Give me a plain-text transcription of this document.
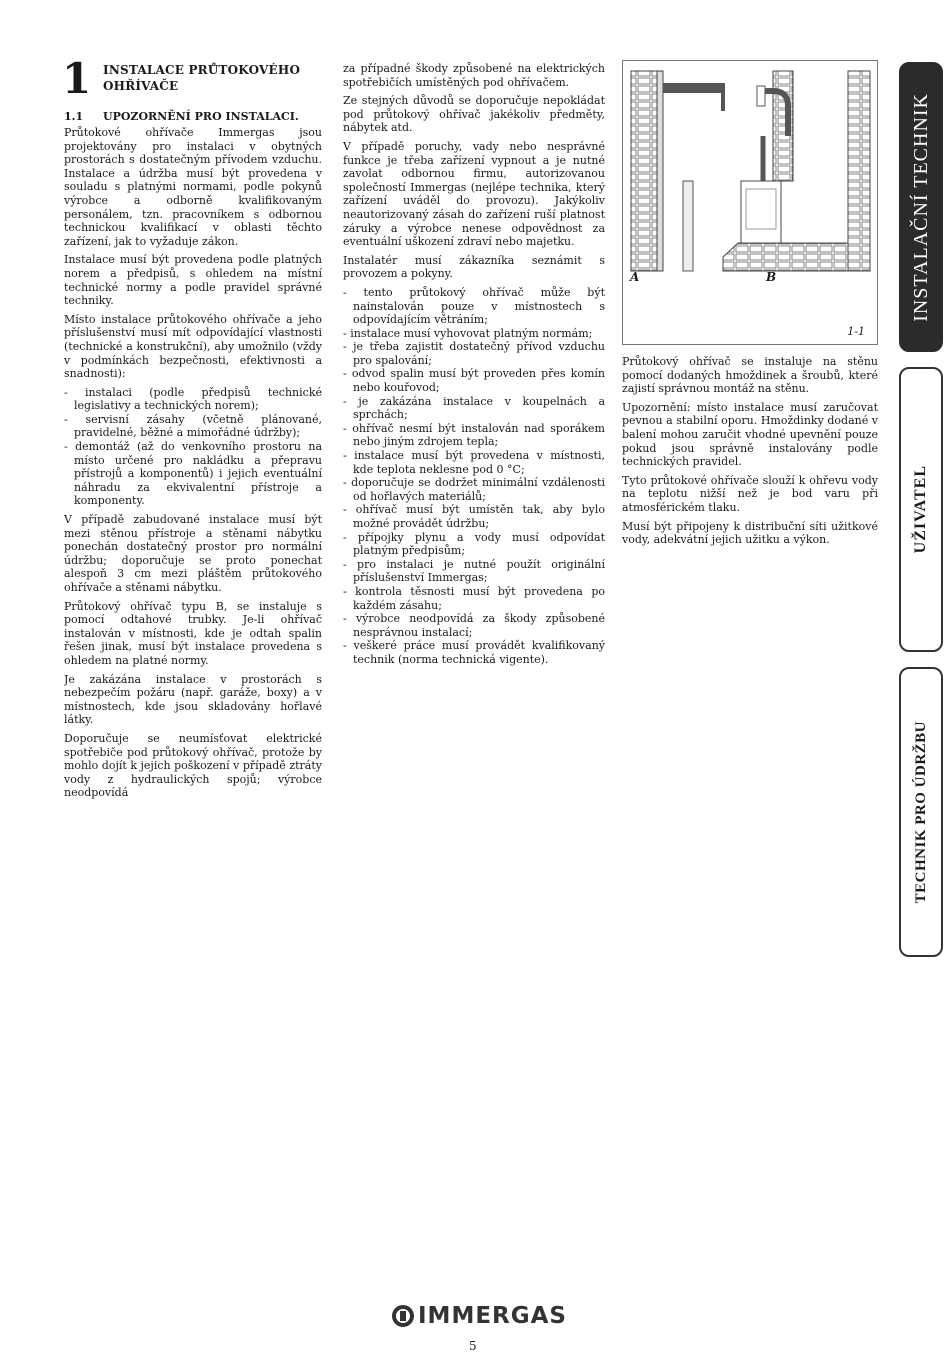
1 INSTALACE PRŮTOKOVÉHO OHŘÍVAČE
1.1 UPOZORNĚNÍ PRO INSTALACI.

Průtokové ohřívače Immergas jsou projektovány pro instalaci v obytných prostorách s dostatečným přívodem vzduchu. Instalace a údržba musí být provedena v souladu s platnými normami, podle pokynů výrobce a odborně kvalifikovaným personálem, tzn. pracovníkem s odbornou technickou kvalifikací v oblasti těchto zařízení, jak to vyžaduje zákon.

Instalace musí být provedena podle platných norem a předpisů, s ohledem na místní technické normy a podle pravidel správné techniky.

Místo instalace průtokového ohřívače a jeho příslušenství musí mít odpovídající vlastnosti (technické a konstrukční), aby umožnilo (vždy v podmínkách bezpečnosti, efektivnosti a snadnosti):

- instalaci (podle předpisů technické legislativy a technických norem);
- servisní zásahy (včetně plánované, pravidelné, běžné a mimořádné údržby);
- demontáž (až do venkovního prostoru na místo určené pro nakládku a přepravu přístrojů a komponentů) i jejich eventuální náhradu za ekvivalentní přístroje a komponenty.

V případě zabudované instalace musí být mezi stěnou přístroje a stěnami nábytku ponechán dostatečný prostor pro normální údržbu; doporučuje se proto ponechat alespoň 3 cm mezi pláštěm průtokového ohřívače a stěnami nábytku.

Průtokový ohřívač typu B, se instaluje s pomocí odtahové trubky. Je-li ohřívač instalován v místnosti, kde je odtah spalin řešen jinak, musí být instalace provedena s ohledem na platné normy.

Je zakázána instalace v prostorách s nebezpečím požáru (např. garáže, boxy) a v místnostech, kde jsou skladovány hořlavé látky.

Doporučuje se neumísťovat elektrické spotřebiče pod průtokový ohřívač, protože by mohlo dojít k jejich poškození v případě ztráty vody z hydraulických spojů; výrobce neodpovídá

za případné škody způsobené na elektrických spotřebičích umístěných pod ohřívačem.

Ze stejných důvodů se doporučuje nepokládat pod průtokový ohřívač jakékoliv předměty, nábytek atd.

V případě poruchy, vady nebo nesprávné funkce je třeba zařízení vypnout a je nutné zavolat odbornou firmu, autorizovanou společností Immergas (nejlépe technika, který zařízení uváděl do provozu). Jakýkoliv neautorizovaný zásah do zařízení ruší platnost záruky a výrobce nenese odpovědnost za eventuální uškození zdraví nebo majetku.

Instalatér musí zákazníka seznámit s provozem a pokyny.

- tento průtokový ohřívač může být nainstalován pouze v místnostech s odpovídajícím větráním;
- instalace musí vyhovovat platným normám;
- je třeba zajistit dostatečný přívod vzduchu pro spalování;
- odvod spalin musí být proveden přes komín nebo kouřovod;
- je zakázána instalace v koupelnách a sprchách;
- ohřívač nesmí být instalován nad sporákem nebo jiným zdrojem tepla;
- instalace musí být provedena v místnosti, kde teplota neklesne pod 0 °C;
- doporučuje se dodržet minimální vzdálenosti od hořlavých materiálů;
- ohřívač musí být umístěn tak, aby bylo možné provádět údržbu;
- přípojky plynu a vody musí odpovídat platným předpisům;
- pro instalaci je nutné použít originální příslušenství Immergas;
- kontrola těsnosti musí být provedena po každém zásahu;
- výrobce neodpovídá za škody způsobené nesprávnou instalací;
- veškeré práce musí provádět kvalifikovaný technik (norma technická vigente).
1-1
A	B

Průtokový ohřívač se instaluje na stěnu pomocí dodaných hmoždinek a šroubů, které zajistí správnou montáž na stěnu.

Upozornění: místo instalace musí zaručovat pevnou a stabilní oporu. Hmoždinky dodané v balení mohou zaručit vhodné upevnění pouze pokud jsou správně instalovány podle technických pravidel.

Tyto průtokové ohřívače slouží k ohřevu vody na teplotu nižší než je bod varu při atmosférickém tlaku.

Musí být připojeny k distribuční síti užitkové vody, adekvátní jejich užitku a výkon.

INSTALAČNÍ TECHNIK
UŽIVATEL
TECHNIK PRO ÚDRŽBU
IMMERGAS
5
